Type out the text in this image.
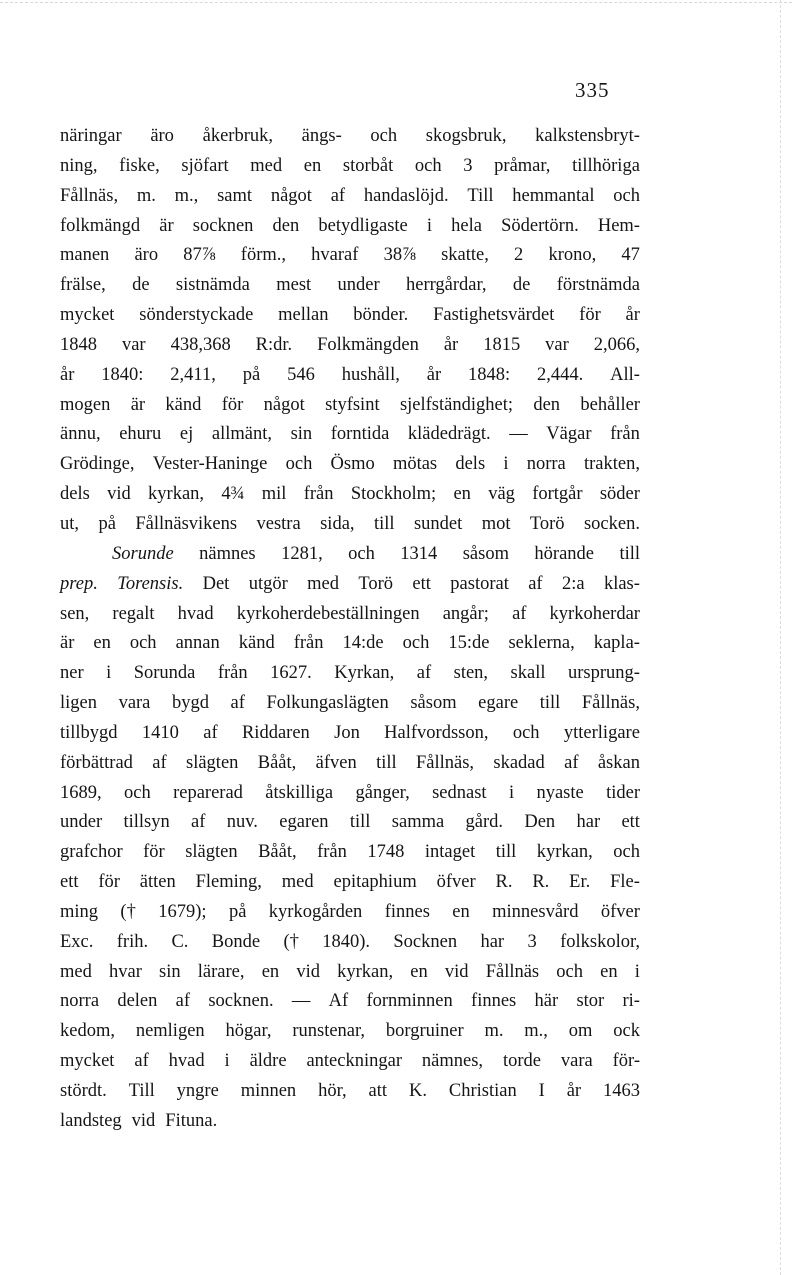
335
näringar äro åkerbruk, ängs- och skogsbruk, kalkstensbryt-
ning, fiske, sjöfart med en storbåt och 3 pråmar, tillhöriga
Fållnäs, m. m., samt något af handaslöjd. Till hemmantal och
folkmängd är socknen den betydligaste i hela Södertörn. Hem-
manen äro 87⅞ förm., hvaraf 38⅞ skatte, 2 krono, 47
frälse, de sistnämda mest under herrgårdar, de förstnämda
mycket sönderstyckade mellan bönder. Fastighetsvärdet för år
1848 var 438,368 R:dr. Folkmängden år 1815 var 2,066,
år 1840: 2,411, på 546 hushåll, år 1848: 2,444. All-
mogen är känd för något styfsint sjelfständighet; den behåller
ännu, ehuru ej allmänt, sin forntida klädedrägt. — Vägar från
Grödinge, Vester-Haninge och Ösmo mötas dels i norra trakten,
dels vid kyrkan, 4¾ mil från Stockholm; en väg fortgår söder
ut, på Fållnäsvikens vestra sida, till sundet mot Torö socken.
Sorunde nämnes 1281, och 1314 såsom hörande till
prep. Torensis. Det utgör med Torö ett pastorat af 2:a klas-
sen, regalt hvad kyrkoherdebeställningen angår; af kyrkoherdar
är en och annan känd från 14:de och 15:de seklerna, kapla-
ner i Sorunda från 1627. Kyrkan, af sten, skall ursprung-
ligen vara bygd af Folkungaslägten såsom egare till Fållnäs,
tillbygd 1410 af Riddaren Jon Halfvordsson, och ytterligare
förbättrad af slägten Bååt, äfven till Fållnäs, skadad af åskan
1689, och reparerad åtskilliga gånger, sednast i nyaste tider
under tillsyn af nuv. egaren till samma gård. Den har ett
grafchor för slägten Bååt, från 1748 intaget till kyrkan, och
ett för ätten Fleming, med epitaphium öfver R. R. Er. Fle-
ming († 1679); på kyrkogården finnes en minnesvård öfver
Exc. frih. C. Bonde († 1840). Socknen har 3 folkskolor,
med hvar sin lärare, en vid kyrkan, en vid Fållnäs och en i
norra delen af socknen. — Af fornminnen finnes här stor ri-
kedom, nemligen högar, runstenar, borgruiner m. m., om ock
mycket af hvad i äldre anteckningar nämnes, torde vara för-
stördt. Till yngre minnen hör, att K. Christian I år 1463
landsteg vid Fituna.
